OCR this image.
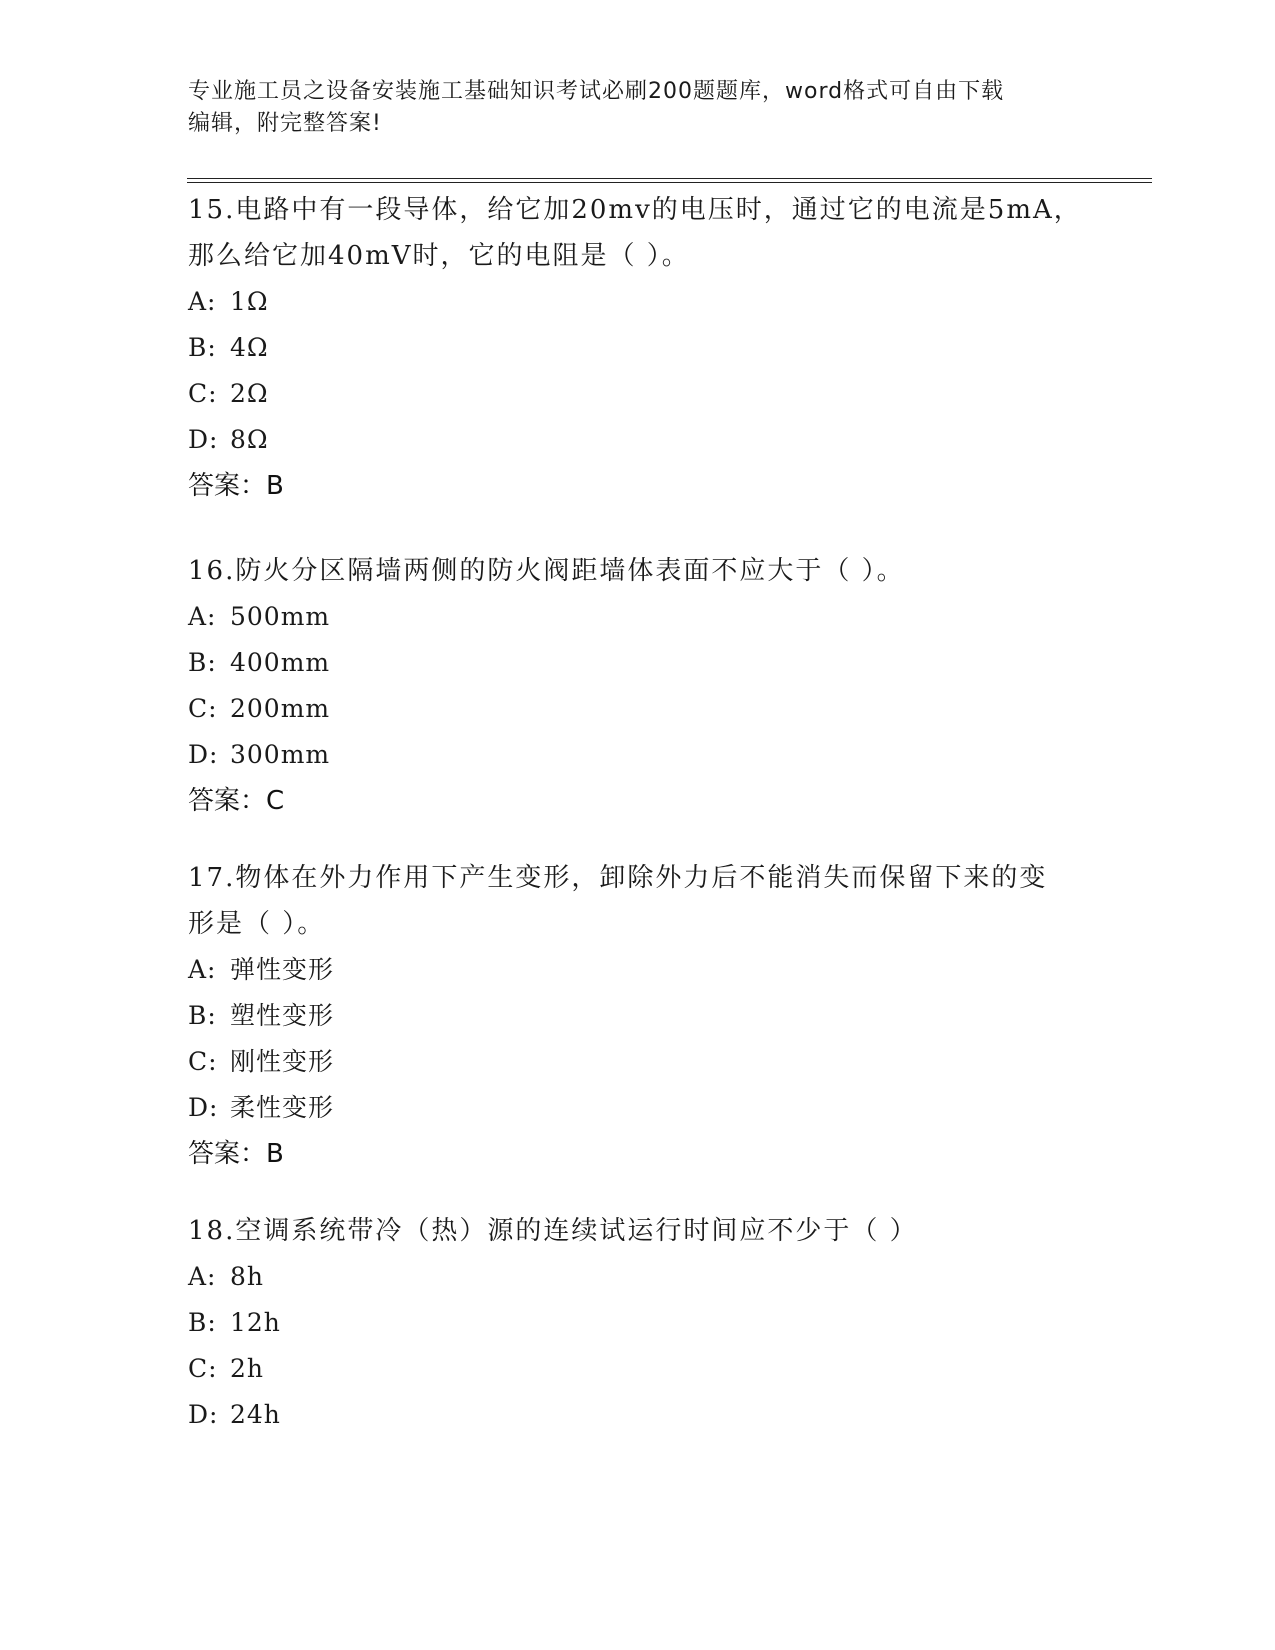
专业施工员之设备安装施工基础知识考试必刷200题题库，word格式可自由下载
编辑，附完整答案!
15.电路中有一段导体，给它加20mv的电压时，通过它的电流是5mA，
那么给它加40mV时，它的电阻是（ ）。
A: 1Ω
B: 4Ω
C: 2Ω
D: 8Ω
答案：B
16.防火分区隔墙两侧的防火阀距墙体表面不应大于（ ）。
A: 500mm
B: 400mm
C: 200mm
D: 300mm
答案：C
17.物体在外力作用下产生变形，卸除外力后不能消失而保留下来的变
形是（ ）。
A: 弹性变形
B: 塑性变形
C: 刚性变形
D: 柔性变形
答案：B
18.空调系统带冷（热）源的连续试运行时间应不少于（ ）
A: 8h
B: 12h
C: 2h
D: 24h
